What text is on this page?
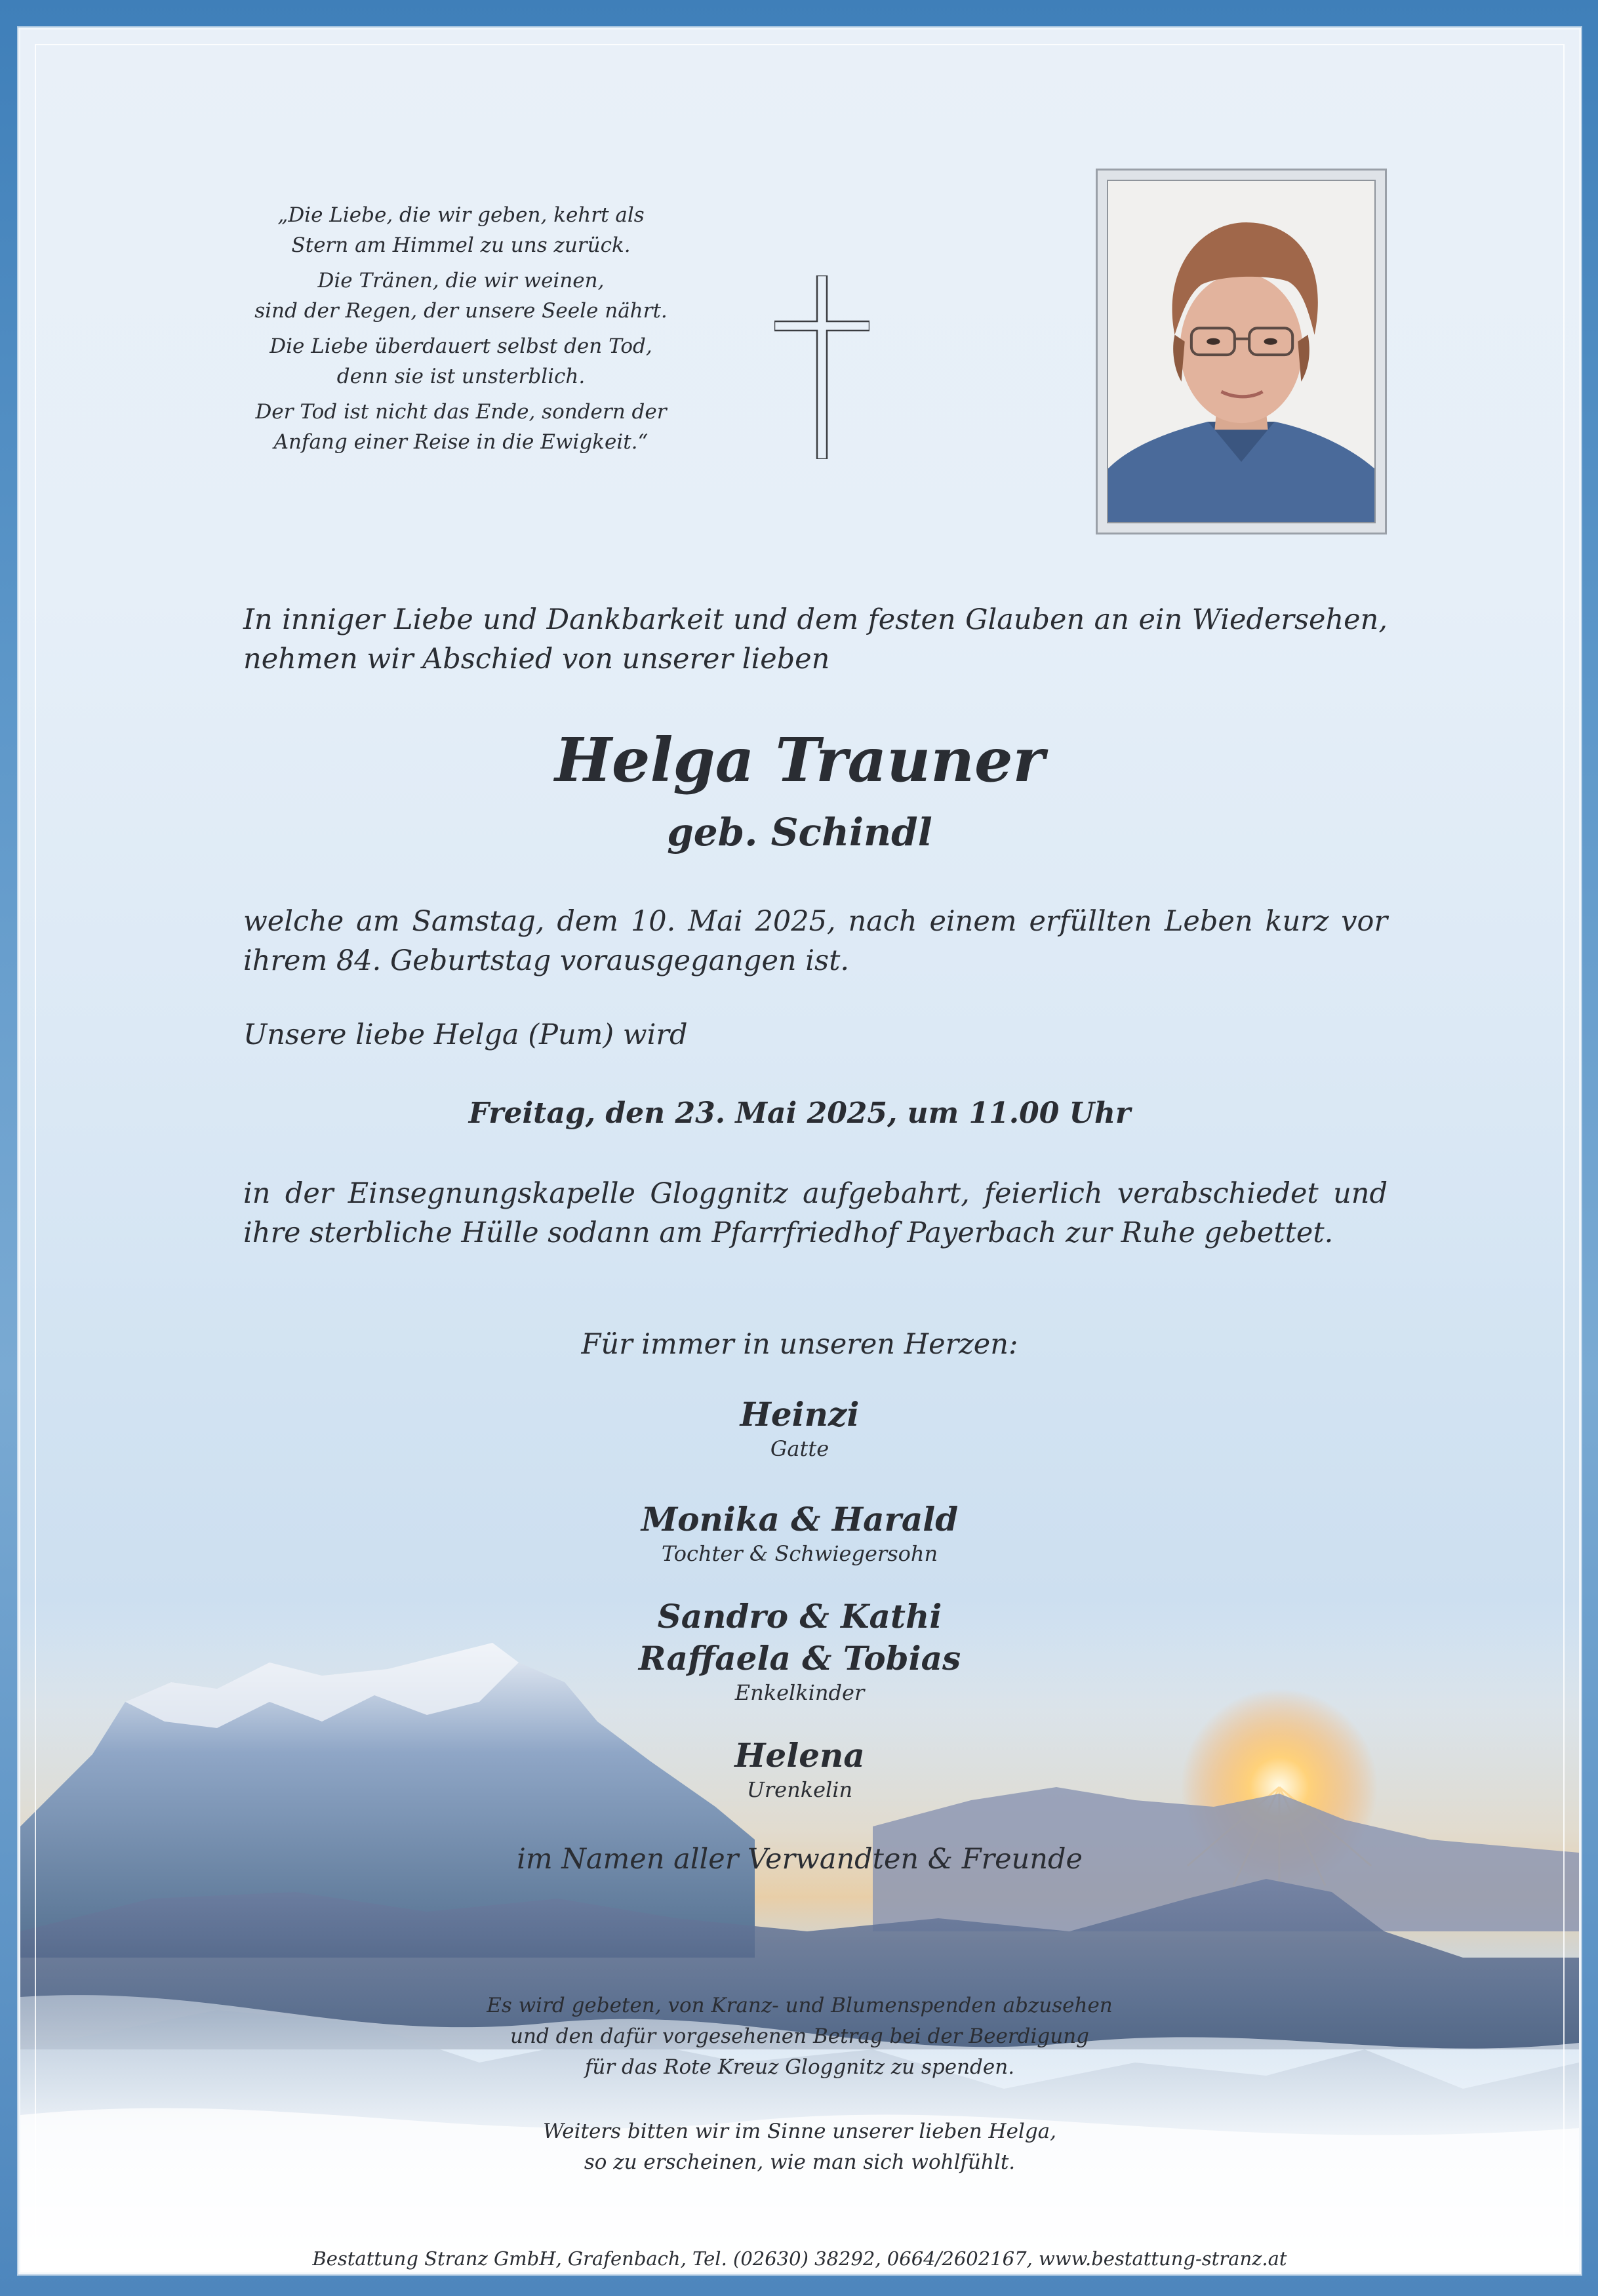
„Die Liebe, die wir geben, kehrt als
Stern am Himmel zu uns zurück.

Die Tränen, die wir weinen,
sind der Regen, der unsere Seele nährt.

Die Liebe überdauert selbst den Tod,
denn sie ist unsterblich.

Der Tod ist nicht das Ende, sondern der
Anfang einer Reise in die Ewigkeit.“

In inniger Liebe und Dankbarkeit und dem festen Glauben an ein Wiedersehen, nehmen wir Abschied von unserer lieben
Helga Trauner
geb. Schindl
welche am Samstag, dem 10. Mai 2025, nach einem erfüllten Leben kurz vor ihrem 84. Geburtstag vorausgegangen ist.
Unsere liebe Helga (Pum) wird
Freitag, den 23. Mai 2025, um 11.00 Uhr
in der Einsegnungskapelle Gloggnitz aufgebahrt, feierlich verabschiedet und ihre sterbliche Hülle sodann am Pfarrfriedhof Payerbach zur Ruhe gebettet.
Für immer in unseren Herzen:
Heinzi
Gatte
Monika & Harald
Tochter & Schwiegersohn
Sandro & Kathi
Raffaela & Tobias
Enkelkinder
Helena
Urenkelin
im Namen aller Verwandten & Freunde
Es wird gebeten, von Kranz- und Blumenspenden abzusehen
und den dafür vorgesehenen Betrag bei der Beerdigung
für das Rote Kreuz Gloggnitz zu spenden.
Weiters bitten wir im Sinne unserer lieben Helga,
so zu erscheinen, wie man sich wohlfühlt.
Bestattung Stranz GmbH, Grafenbach, Tel. (02630) 38292, 0664/2602167, www.bestattung-stranz.at
